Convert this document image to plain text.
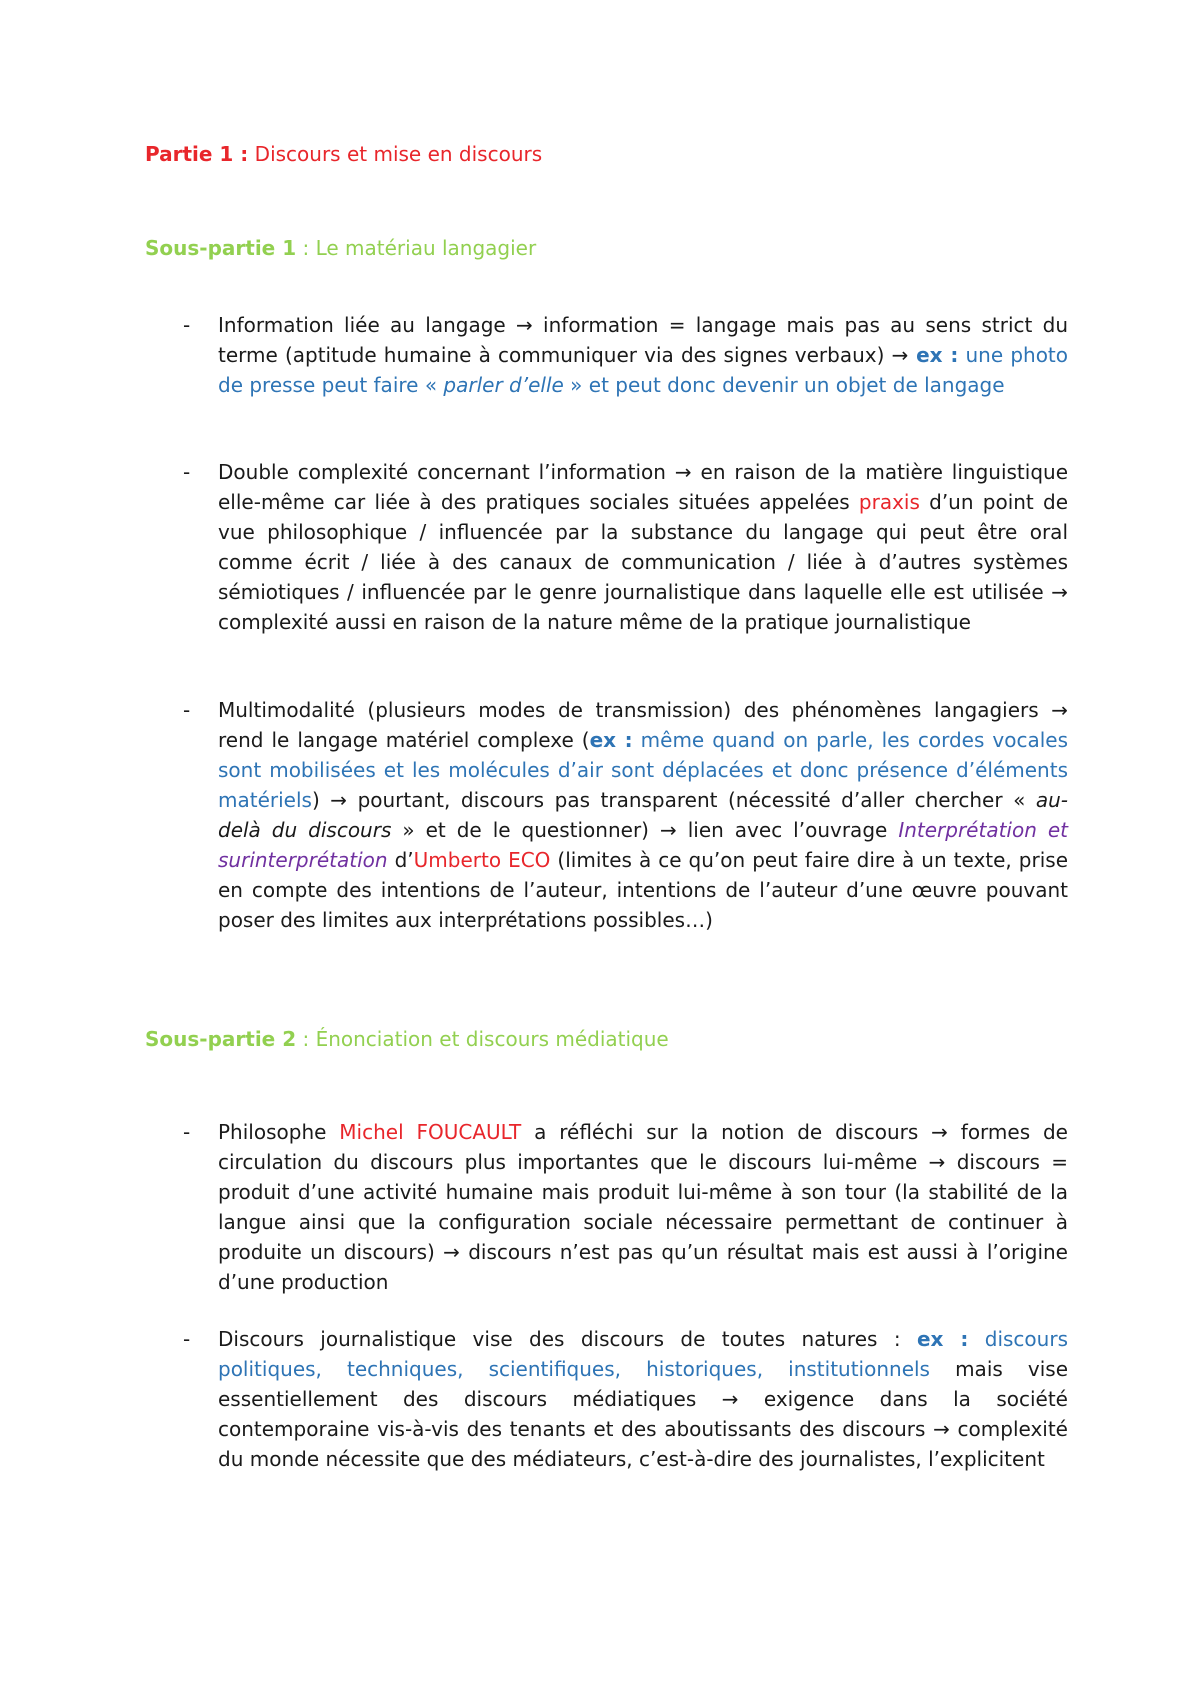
Partie 1 : Discours et mise en discours
Sous-partie 1 : Le matériau langagier
- Information liée au langage → information = langage mais pas au sens strict du terme (aptitude humaine à communiquer via des signes verbaux) → ex : une photo de presse peut faire « parler d’elle » et peut donc devenir un objet de langage

- Double complexité concernant l’information → en raison de la matière linguistique elle-même car liée à des pratiques sociales situées appelées praxis d’un point de vue philosophique / influencée par la substance du langage qui peut être oral comme écrit / liée à des canaux de communication / liée à d’autres systèmes sémiotiques / influencée par le genre journalistique dans laquelle elle est utilisée → complexité aussi en raison de la nature même de la pratique journalistique

- Multimodalité (plusieurs modes de transmission) des phénomènes langagiers → rend le langage matériel complexe (ex : même quand on parle, les cordes vocales sont mobilisées et les molécules d’air sont déplacées et donc présence d’éléments matériels) → pourtant, discours pas transparent (nécessité d’aller chercher « au-delà du discours » et de le questionner) → lien avec l’ouvrage Interprétation et surinterprétation d’Umberto ECO (limites à ce qu’on peut faire dire à un texte, prise en compte des intentions de l’auteur, intentions de l’auteur d’une œuvre pouvant poser des limites aux interprétations possibles…)

Sous-partie 2 : Énonciation et discours médiatique
- Philosophe Michel FOUCAULT a réfléchi sur la notion de discours → formes de circulation du discours plus importantes que le discours lui-même → discours = produit d’une activité humaine mais produit lui-même à son tour (la stabilité de la langue ainsi que la configuration sociale nécessaire permettant de continuer à produite un discours) → discours n’est pas qu’un résultat mais est aussi à l’origine d’une production

- Discours journalistique vise des discours de toutes natures : ex : discours politiques, techniques, scientifiques, historiques, institutionnels mais vise essentiellement des discours médiatiques → exigence dans la société contemporaine vis-à-vis des tenants et des aboutissants des discours → complexité du monde nécessite que des médiateurs, c’est-à-dire des journalistes, l’explicitent
